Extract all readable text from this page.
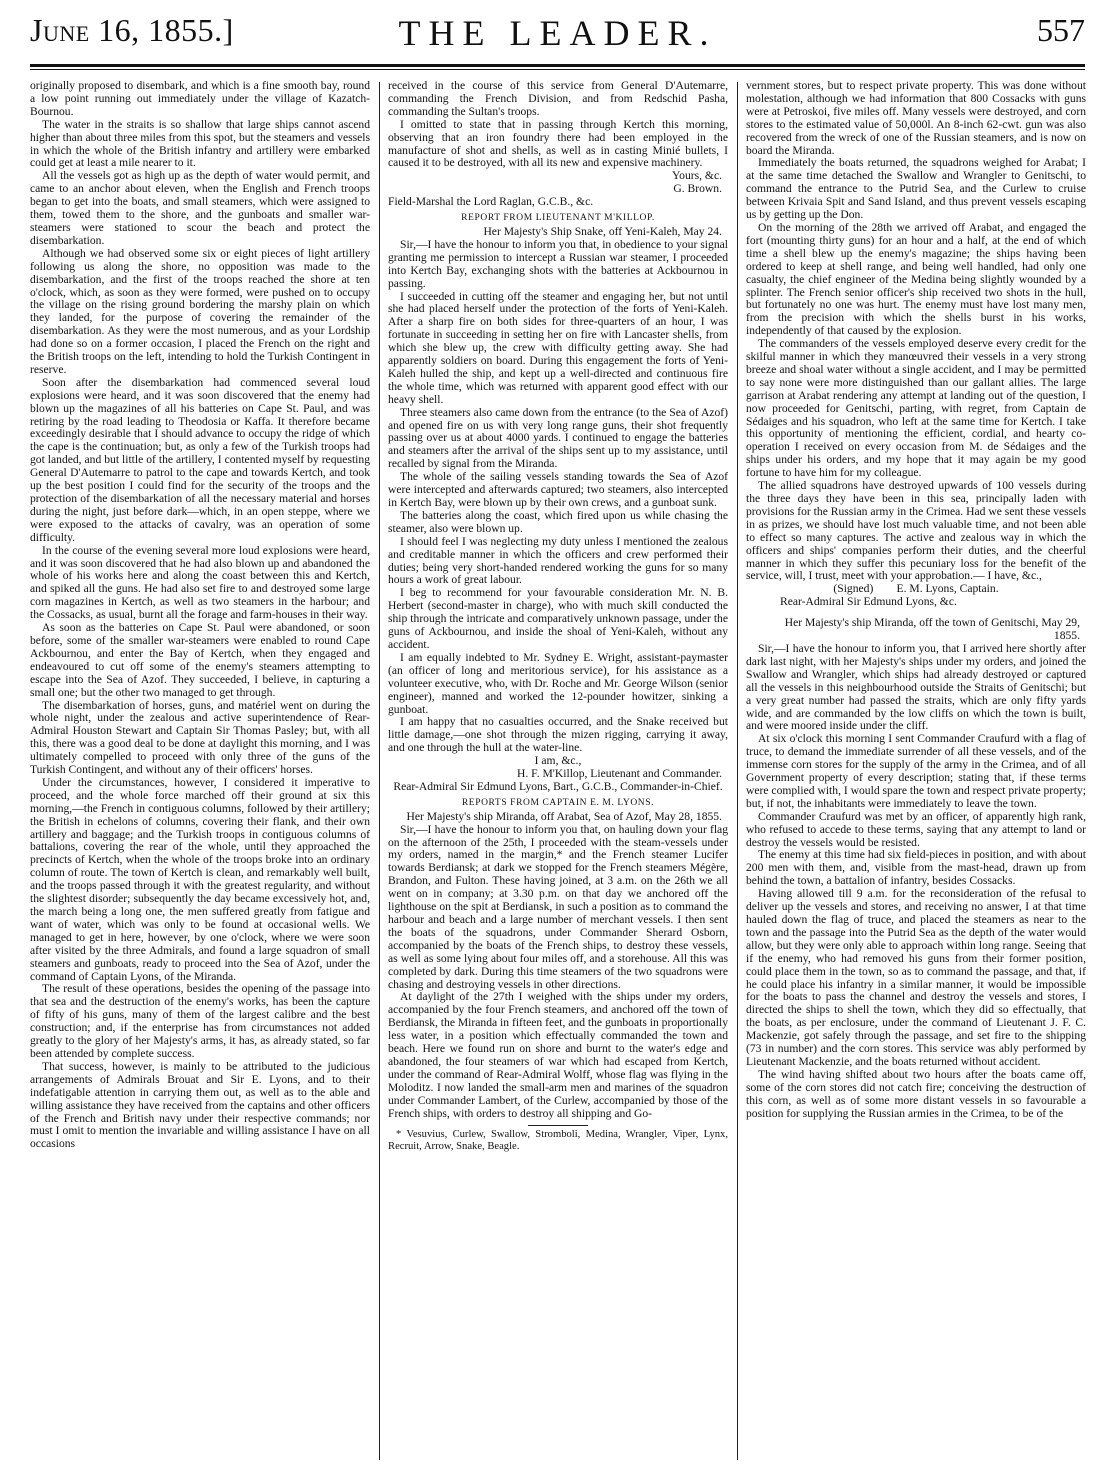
June 16, 1855.]	THE LEADER.	557

originally proposed to disembark, and which is a fine smooth bay, round a low point running out immediately under the village of Kazatch-Bournou.

The water in the straits is so shallow that large ships cannot ascend higher than about three miles from this spot, but the steamers and vessels in which the whole of the British infantry and artillery were embarked could get at least a mile nearer to it.

All the vessels got as high up as the depth of water would permit, and came to an anchor about eleven, when the English and French troops began to get into the boats, and small steamers, which were assigned to them, towed them to the shore, and the gunboats and smaller war-steamers were stationed to scour the beach and protect the disembarkation.

Although we had observed some six or eight pieces of light artillery following us along the shore, no opposition was made to the disembarkation, and the first of the troops reached the shore at ten o'clock, which, as soon as they were formed, were pushed on to occupy the village on the rising ground bordering the marshy plain on which they landed, for the purpose of covering the remainder of the disembarkation. As they were the most numerous, and as your Lordship had done so on a former occasion, I placed the French on the right and the British troops on the left, intending to hold the Turkish Contingent in reserve.

Soon after the disembarkation had commenced several loud explosions were heard, and it was soon discovered that the enemy had blown up the magazines of all his batteries on Cape St. Paul, and was retiring by the road leading to Theodosia or Kaffa. It therefore became exceedingly desirable that I should advance to occupy the ridge of which the cape is the continuation; but, as only a few of the Turkish troops had got landed, and but little of the artillery, I contented myself by requesting General D'Autemarre to patrol to the cape and towards Kertch, and took up the best position I could find for the security of the troops and the protection of the disembarkation of all the necessary material and horses during the night, just before dark—which, in an open steppe, where we were exposed to the attacks of cavalry, was an operation of some difficulty.

In the course of the evening several more loud explosions were heard, and it was soon discovered that he had also blown up and abandoned the whole of his works here and along the coast between this and Kertch, and spiked all the guns. He had also set fire to and destroyed some large corn magazines in Kertch, as well as two steamers in the harbour; and the Cossacks, as usual, burnt all the forage and farm-houses in their way.

As soon as the batteries on Cape St. Paul were abandoned, or soon before, some of the smaller war-steamers were enabled to round Cape Ackbournou, and enter the Bay of Kertch, when they engaged and endeavoured to cut off some of the enemy's steamers attempting to escape into the Sea of Azof. They succeeded, I believe, in capturing a small one; but the other two managed to get through.

The disembarkation of horses, guns, and matériel went on during the whole night, under the zealous and active superintendence of Rear-Admiral Houston Stewart and Captain Sir Thomas Pasley; but, with all this, there was a good deal to be done at daylight this morning, and I was ultimately compelled to proceed with only three of the guns of the Turkish Contingent, and without any of their officers' horses.

Under the circumstances, however, I considered it imperative to proceed, and the whole force marched off their ground at six this morning,—the French in contiguous columns, followed by their artillery; the British in echelons of columns, covering their flank, and their own artillery and baggage; and the Turkish troops in contiguous columns of battalions, covering the rear of the whole, until they approached the precincts of Kertch, when the whole of the troops broke into an ordinary column of route. The town of Kertch is clean, and remarkably well built, and the troops passed through it with the greatest regularity, and without the slightest disorder; subsequently the day became excessively hot, and, the march being a long one, the men suffered greatly from fatigue and want of water, which was only to be found at occasional wells. We managed to get in here, however, by one o'clock, where we were soon after visited by the three Admirals, and found a large squadron of small steamers and gunboats, ready to proceed into the Sea of Azof, under the command of Captain Lyons, of the Miranda.

The result of these operations, besides the opening of the passage into that sea and the destruction of the enemy's works, has been the capture of fifty of his guns, many of them of the largest calibre and the best construction; and, if the enterprise has from circumstances not added greatly to the glory of her Majesty's arms, it has, as already stated, so far been attended by complete success.

That success, however, is mainly to be attributed to the judicious arrangements of Admirals Brouat and Sir E. Lyons, and to their indefatigable attention in carrying them out, as well as to the able and willing assistance they have received from the captains and other officers of the French and British navy under their respective commands; nor must I omit to mention the invariable and willing assistance I have on all occasions

received in the course of this service from General D'Autemarre, commanding the French Division, and from Redschid Pasha, commanding the Sultan's troops.

I omitted to state that in passing through Kertch this morning, observing that an iron foundry there had been employed in the manufacture of shot and shells, as well as in casting Minié bullets, I caused it to be destroyed, with all its new and expensive machinery.

Yours, &c.

G. Brown.

Field-Marshal the Lord Raglan, G.C.B., &c.

REPORT FROM LIEUTENANT M'KILLOP.

Her Majesty's Ship Snake, off Yeni-Kaleh, May 24.

Sir,—I have the honour to inform you that, in obedience to your signal granting me permission to intercept a Russian war steamer, I proceeded into Kertch Bay, exchanging shots with the batteries at Ackbournou in passing.

I succeeded in cutting off the steamer and engaging her, but not until she had placed herself under the protection of the forts of Yeni-Kaleh. After a sharp fire on both sides for three-quarters of an hour, I was fortunate in succeeding in setting her on fire with Lancaster shells, from which she blew up, the crew with difficulty getting away. She had apparently soldiers on board. During this engagement the forts of Yeni-Kaleh hulled the ship, and kept up a well-directed and continuous fire the whole time, which was returned with apparent good effect with our heavy shell.

Three steamers also came down from the entrance (to the Sea of Azof) and opened fire on us with very long range guns, their shot frequently passing over us at about 4000 yards. I continued to engage the batteries and steamers after the arrival of the ships sent up to my assistance, until recalled by signal from the Miranda.

The whole of the sailing vessels standing towards the Sea of Azof were intercepted and afterwards captured; two steamers, also intercepted in Kertch Bay, were blown up by their own crews, and a gunboat sunk.

The batteries along the coast, which fired upon us while chasing the steamer, also were blown up.

I should feel I was neglecting my duty unless I mentioned the zealous and creditable manner in which the officers and crew performed their duties; being very short-handed rendered working the guns for so many hours a work of great labour.

I beg to recommend for your favourable consideration Mr. N. B. Herbert (second-master in charge), who with much skill conducted the ship through the intricate and comparatively unknown passage, under the guns of Ackbournou, and inside the shoal of Yeni-Kaleh, without any accident.

I am equally indebted to Mr. Sydney E. Wright, assistant-paymaster (an officer of long and meritorious service), for his assistance as a volunteer executive, who, with Dr. Roche and Mr. George Wilson (senior engineer), manned and worked the 12-pounder howitzer, sinking a gunboat.

I am happy that no casualties occurred, and the Snake received but little damage,—one shot through the mizen rigging, carrying it away, and one through the hull at the water-line.

I am, &c.,

H. F. M'Killop, Lieutenant and Commander.

Rear-Admiral Sir Edmund Lyons, Bart., G.C.B., Commander-in-Chief.

REPORTS FROM CAPTAIN E. M. LYONS.

Her Majesty's ship Miranda, off Arabat, Sea of Azof, May 28, 1855.

Sir,—I have the honour to inform you that, on hauling down your flag on the afternoon of the 25th, I proceeded with the steam-vessels under my orders, named in the margin,* and the French steamer Lucifer towards Berdiansk; at dark we stopped for the French steamers Mégère, Brandon, and Fulton. These having joined, at 3 a.m. on the 26th we all went on in company; at 3.30 p.m. on that day we anchored off the lighthouse on the spit at Berdiansk, in such a position as to command the harbour and beach and a large number of merchant vessels. I then sent the boats of the squadrons, under Commander Sherard Osborn, accompanied by the boats of the French ships, to destroy these vessels, as well as some lying about four miles off, and a storehouse. All this was completed by dark. During this time steamers of the two squadrons were chasing and destroying vessels in other directions.

At daylight of the 27th I weighed with the ships under my orders, accompanied by the four French steamers, and anchored off the town of Berdiansk, the Miranda in fifteen feet, and the gunboats in proportionally less water, in a position which effectually commanded the town and beach. Here we found run on shore and burnt to the water's edge and abandoned, the four steamers of war which had escaped from Kertch, under the command of Rear-Admiral Wolff, whose flag was flying in the Moloditz. I now landed the small-arm men and marines of the squadron under Commander Lambert, of the Curlew, accompanied by those of the French ships, with orders to destroy all shipping and Go-

* Vesuvius, Curlew, Swallow, Stromboli, Medina, Wrangler, Viper, Lynx, Recruit, Arrow, Snake, Beagle.

vernment stores, but to respect private property. This was done without molestation, although we had information that 800 Cossacks with guns were at Petroskoi, five miles off. Many vessels were destroyed, and corn stores to the estimated value of 50,000l. An 8-inch 62-cwt. gun was also recovered from the wreck of one of the Russian steamers, and is now on board the Miranda.

Immediately the boats returned, the squadrons weighed for Arabat; I at the same time detached the Swallow and Wrangler to Genitschi, to command the entrance to the Putrid Sea, and the Curlew to cruise between Krivaia Spit and Sand Island, and thus prevent vessels escaping us by getting up the Don.

On the morning of the 28th we arrived off Arabat, and engaged the fort (mounting thirty guns) for an hour and a half, at the end of which time a shell blew up the enemy's magazine; the ships having been ordered to keep at shell range, and being well handled, had only one casualty, the chief engineer of the Medina being slightly wounded by a splinter. The French senior officer's ship received two shots in the hull, but fortunately no one was hurt. The enemy must have lost many men, from the precision with which the shells burst in his works, independently of that caused by the explosion.

The commanders of the vessels employed deserve every credit for the skilful manner in which they manœuvred their vessels in a very strong breeze and shoal water without a single accident, and I may be permitted to say none were more distinguished than our gallant allies. The large garrison at Arabat rendering any attempt at landing out of the question, I now proceeded for Genitschi, parting, with regret, from Captain de Sédaiges and his squadron, who left at the same time for Kertch. I take this opportunity of mentioning the efficient, cordial, and hearty co-operation I received on every occasion from M. de Sédaiges and the ships under his orders, and my hope that it may again be my good fortune to have him for my colleague.

The allied squadrons have destroyed upwards of 100 vessels during the three days they have been in this sea, principally laden with provisions for the Russian army in the Crimea. Had we sent these vessels in as prizes, we should have lost much valuable time, and not been able to effect so many captures. The active and zealous way in which the officers and ships' companies perform their duties, and the cheerful manner in which they suffer this pecuniary loss for the benefit of the service, will, I trust, meet with your approbation.— I have, &c.,

(Signed)        E. M. Lyons, Captain.

Rear-Admiral Sir Edmund Lyons, &c.

Her Majesty's ship Miranda, off the town of Genitschi, May 29, 1855.

Sir,—I have the honour to inform you, that I arrived here shortly after dark last night, with her Majesty's ships under my orders, and joined the Swallow and Wrangler, which ships had already destroyed or captured all the vessels in this neighbourhood outside the Straits of Genitschi; but a very great number had passed the straits, which are only fifty yards wide, and are commanded by the low cliffs on which the town is built, and were moored inside under the cliff.

At six o'clock this morning I sent Commander Craufurd with a flag of truce, to demand the immediate surrender of all these vessels, and of the immense corn stores for the supply of the army in the Crimea, and of all Government property of every description; stating that, if these terms were complied with, I would spare the town and respect private property; but, if not, the inhabitants were immediately to leave the town.

Commander Craufurd was met by an officer, of apparently high rank, who refused to accede to these terms, saying that any attempt to land or destroy the vessels would be resisted.

The enemy at this time had six field-pieces in position, and with about 200 men with them, and, visible from the mast-head, drawn up from behind the town, a battalion of infantry, besides Cossacks.

Having allowed till 9 a.m. for the reconsideration of the refusal to deliver up the vessels and stores, and receiving no answer, I at that time hauled down the flag of truce, and placed the steamers as near to the town and the passage into the Putrid Sea as the depth of the water would allow, but they were only able to approach within long range. Seeing that if the enemy, who had removed his guns from their former position, could place them in the town, so as to command the passage, and that, if he could place his infantry in a similar manner, it would be impossible for the boats to pass the channel and destroy the vessels and stores, I directed the ships to shell the town, which they did so effectually, that the boats, as per enclosure, under the command of Lieutenant J. F. C. Mackenzie, got safely through the passage, and set fire to the shipping (73 in number) and the corn stores. This service was ably performed by Lieutenant Mackenzie, and the boats returned without accident.

The wind having shifted about two hours after the boats came off, some of the corn stores did not catch fire; conceiving the destruction of this corn, as well as of some more distant vessels in so favourable a position for supplying the Russian armies in the Crimea, to be of the
